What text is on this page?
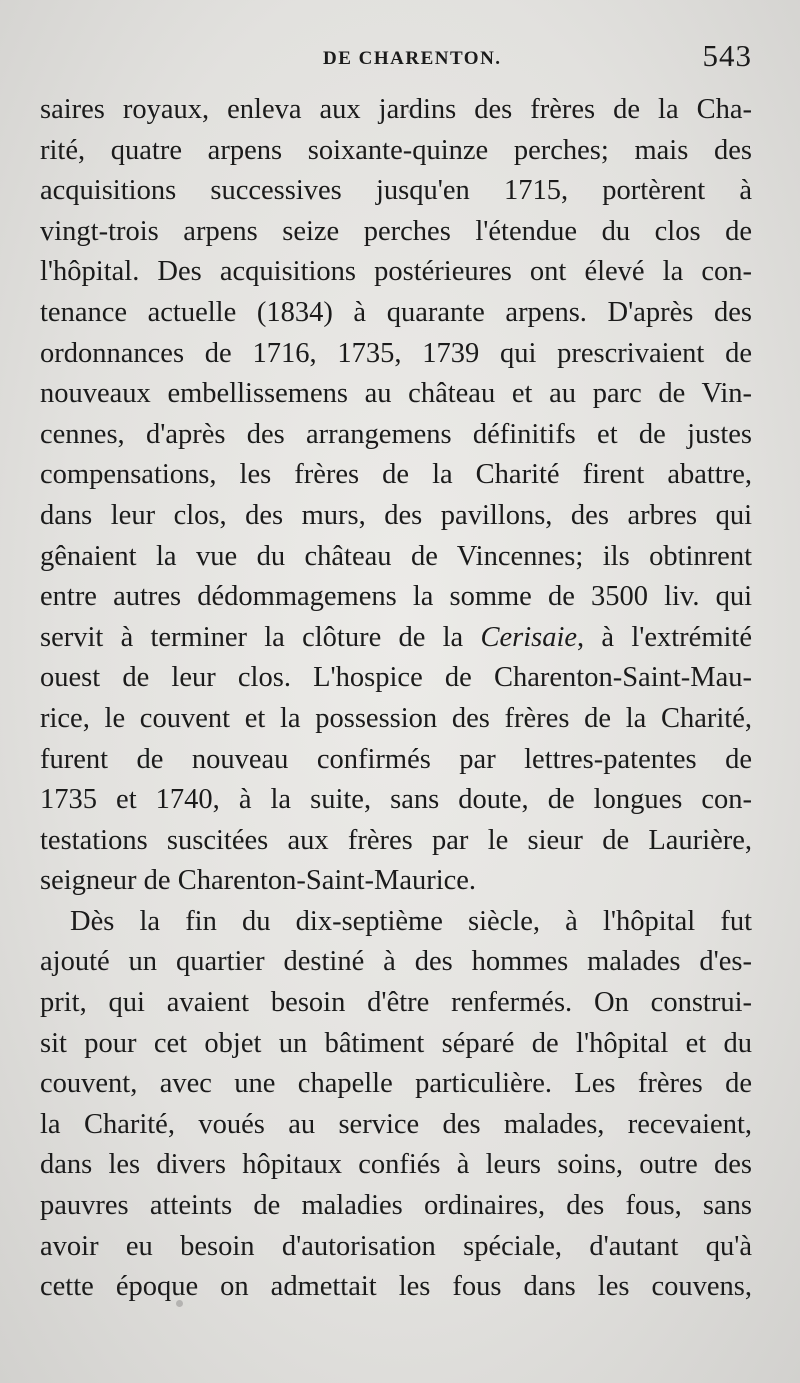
DE CHARENTON.	543
saires royaux, enleva aux jardins des frères de la Cha-
rité, quatre arpens soixante-quinze perches; mais des
acquisitions successives jusqu'en 1715, portèrent à
vingt-trois arpens seize perches l'étendue du clos de
l'hôpital. Des acquisitions postérieures ont élevé la con-
tenance actuelle (1834) à quarante arpens. D'après des
ordonnances de 1716, 1735, 1739 qui prescrivaient de
nouveaux embellissemens au château et au parc de Vin-
cennes, d'après des arrangemens définitifs et de justes
compensations, les frères de la Charité firent abattre,
dans leur clos, des murs, des pavillons, des arbres qui
gênaient la vue du château de Vincennes; ils obtinrent
entre autres dédommagemens la somme de 3500 liv. qui
servit à terminer la clôture de la Cerisaie, à l'extrémité
ouest de leur clos. L'hospice de Charenton-Saint-Mau-
rice, le couvent et la possession des frères de la Charité,
furent de nouveau confirmés par lettres-patentes de
1735 et 1740, à la suite, sans doute, de longues con-
testations suscitées aux frères par le sieur de Laurière,
seigneur de Charenton-Saint-Maurice.
Dès la fin du dix-septième siècle, à l'hôpital fut
ajouté un quartier destiné à des hommes malades d'es-
prit, qui avaient besoin d'être renfermés. On construi-
sit pour cet objet un bâtiment séparé de l'hôpital et du
couvent, avec une chapelle particulière. Les frères de
la Charité, voués au service des malades, recevaient,
dans les divers hôpitaux confiés à leurs soins, outre des
pauvres atteints de maladies ordinaires, des fous, sans
avoir eu besoin d'autorisation spéciale, d'autant qu'à
cette époque on admettait les fous dans les couvens,
